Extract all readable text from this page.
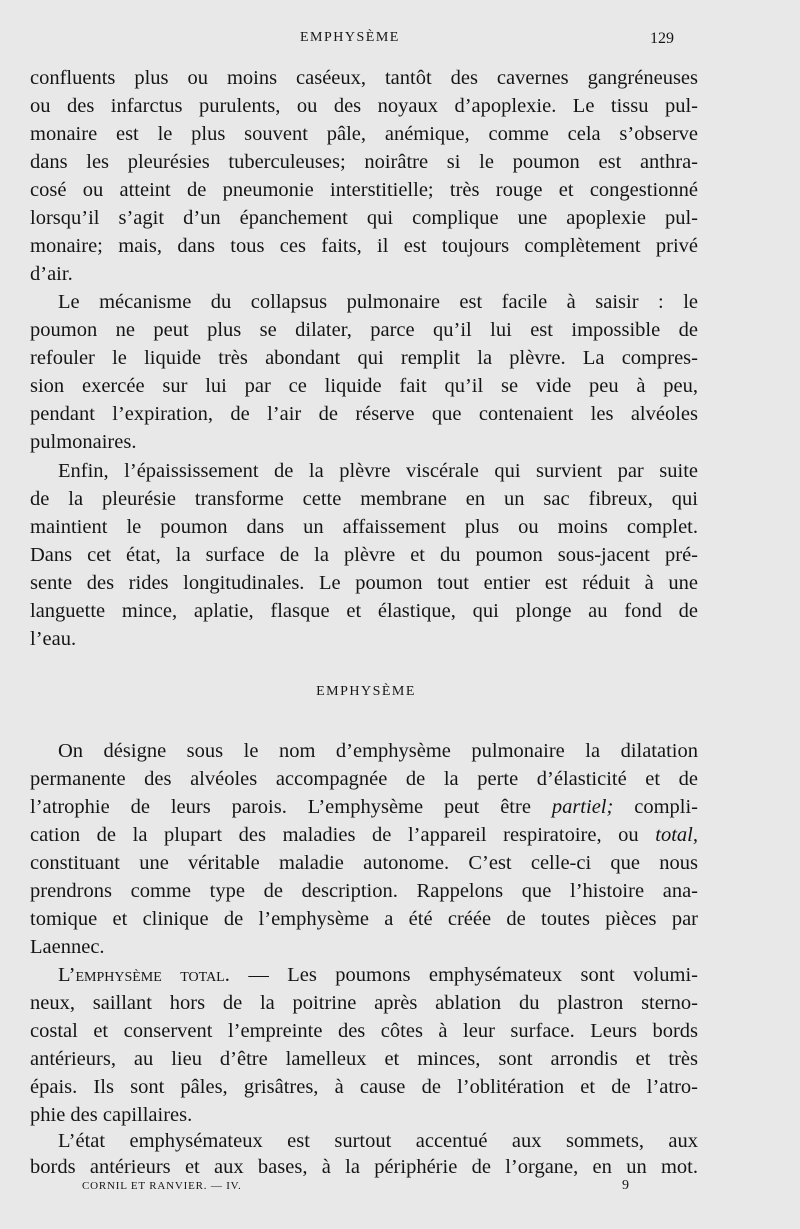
EMPHYSÈME	129
confluents plus ou moins caséeux, tantôt des cavernes gangréneuses
ou des infarctus purulents, ou des noyaux d’apoplexie. Le tissu pul-
monaire est le plus souvent pâle, anémique, comme cela s’observe
dans les pleurésies tuberculeuses; noirâtre si le poumon est anthra-
cosé ou atteint de pneumonie interstitielle; très rouge et congestionné
lorsqu’il s’agit d’un épanchement qui complique une apoplexie pul-
monaire; mais, dans tous ces faits, il est toujours complètement privé
d’air.
Le mécanisme du collapsus pulmonaire est facile à saisir : le
poumon ne peut plus se dilater, parce qu’il lui est impossible de
refouler le liquide très abondant qui remplit la plèvre. La compres-
sion exercée sur lui par ce liquide fait qu’il se vide peu à peu,
pendant l’expiration, de l’air de réserve que contenaient les alvéoles
pulmonaires.
Enfin, l’épaississement de la plèvre viscérale qui survient par suite
de la pleurésie transforme cette membrane en un sac fibreux, qui
maintient le poumon dans un affaissement plus ou moins complet.
Dans cet état, la surface de la plèvre et du poumon sous-jacent pré-
sente des rides longitudinales. Le poumon tout entier est réduit à une
languette mince, aplatie, flasque et élastique, qui plonge au fond de
l’eau.
EMPHYSÈME
On désigne sous le nom d’emphysème pulmonaire la dilatation
permanente des alvéoles accompagnée de la perte d’élasticité et de
l’atrophie de leurs parois. L’emphysème peut être partiel; compli-
cation de la plupart des maladies de l’appareil respiratoire, ou total,
constituant une véritable maladie autonome. C’est celle-ci que nous
prendrons comme type de description. Rappelons que l’histoire ana-
tomique et clinique de l’emphysème a été créée de toutes pièces par
Laennec.
L’emphysème total. — Les poumons emphysémateux sont volumi-
neux, saillant hors de la poitrine après ablation du plastron sterno-
costal et conservent l’empreinte des côtes à leur surface. Leurs bords
antérieurs, au lieu d’être lamelleux et minces, sont arrondis et très
épais. Ils sont pâles, grisâtres, à cause de l’oblitération et de l’atro-
phie des capillaires.
L’état emphysémateux est surtout accentué aux sommets, aux
bords antérieurs et aux bases, à la périphérie de l’organe, en un mot.
CORNIL ET RANVIER. — IV.	9
